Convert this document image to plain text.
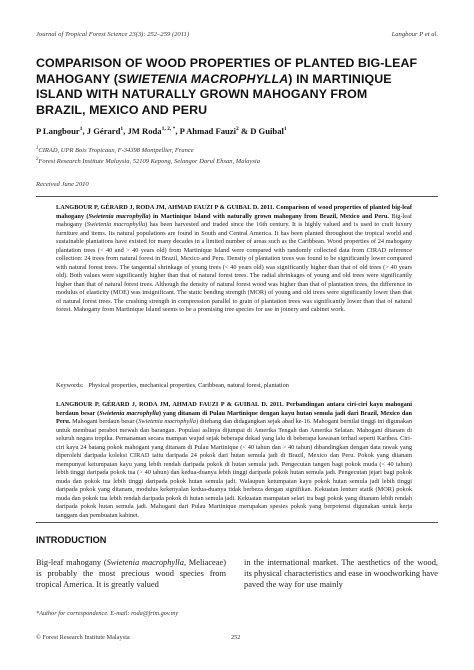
Journal of Tropical Forest Science 23(3): 252–259 (2011)	Langbour P et al.
COMPARISON OF WOOD PROPERTIES OF PLANTED BIG-LEAF
MAHOGANY (SWIETENIA MACROPHYLLA) IN MARTINIQUE
ISLAND WITH NATURALLY GROWN MAHOGANY FROM
BRAZIL, MEXICO AND PERU
P Langbour$^1$, J Gérard$^1$, JM Roda$^{1, 2, *}$, P Ahmad Fauzi$^2$ & D Guibal$^1$
$^1$CIRAD, UPR Bois Tropicaux, F-34398 Montpellier, France
$^2$Forest Research Institute Malaysia, 52109 Kepong, Selangor Darul Ehsan, Malaysia
Received June 2010
LANGBOUR P, GÉRARD J, RODA JM, AHMAD FAUZI P & GUIBAL D. 2011. Comparison of wood properties of planted big-leaf mahogany (Swietenia macrophylla) in Martinique Island with naturally grown mahogany from Brazil, Mexico and Peru. Big-leaf mahogany (Swietenia macrophylla) has been harvested and traded since the 16th century. It is highly valued and is used to craft luxury furniture and items. Its natural populations are found in South and Central America. It has been planted throughout the tropical world and sustainable plantations have existed for many decades in a limited number of areas such as the Caribbean. Wood properties of 24 mahogany plantation trees (< 40 and > 40 years old) from Martinique Island were compared with randomly collected data from CIRAD reference collection: 24 trees from natural forest in Brazil, Mexico and Peru. Density of plantation trees was found to be significantly lower compared with natural forest trees. The tangential shrinkage of young trees (< 40 years old) was significantly higher than that of old trees (> 40 years old). Both values were significantly higher than that of natural forest trees. The radial shrinkages of young and old trees were significantly higher than that of natural forest trees. Although the density of natural forest wood was higher than that of plantation trees, the difference in modulus of elasticity (MOE) was insignificant. The static bending strength (MOR) of young and old trees were significantly lower than that of natural forest trees. The crushing strength in compression parallel to grain of plantation trees was significantly lower than that of natural forest. Mahogany from Martinique Island seems to be a promising tree species for use in joinery and cabinet work.
Keywords: Physical properties, mechanical properties, Caribbean, natural forest, plantation
LANGBOUR P, GÉRARD J, RODA JM, AHMAD FAUZI P & GUIBAL D. 2011. Perbandingan antara ciri-ciri kayu mahogani berdaun besar (Swietenia macrophylla) yang ditanam di Pulau Martinique dengan kayu hutan semula jadi dari Brazil, Mexico dan Peru. Mahogani berdaun besar (Swietenia macrophylla) ditebang dan didagangkan sejak abad ke-16. Mahogani bernilai tinggi ini digunakan untuk membuat perabot mewah dan barangan. Populasi aslinya dijumpai di Amerika Tengah dan Amerika Selatan. Mahogani ditanam di seluruh negara tropika. Pemanaman secara mampan wujud sejak beberapa dekad yang lalu di beberapa kawasan terhad seperti Karibea. Ciri-ciri kayu 24 batang pokok mahogani yang ditanam di Pulau Martinique (< 40 tahun dan > 40 tahun) dibandingkan dengan data rawak yang diperolehi daripada koleksi CIRAD iaitu daripada 24 pokok dari hutan semula jadi di Brazil, Mexico dan Peru. Pokok yang ditanam mempunyai ketumpatan kayu yang lebih rendah daripada pokok di hutan semula jadi. Pengecutan tangen bagi pokok muda (< 40 tahun) lebih tinggi daripada pokok tua (> 40 tahun) dan kedua-duanya lebih tinggi daripada pokok hutan semula jadi. Pengecutan jejari bagi pokok muda dan pokok tua lebih tinggi daripada pokok hutan semula jadi. Walaupun ketumpatan kayu pokok hutan semula jadi lebih tinggi daripada pokok yang ditanam, modulus kekenyalan kedua-duanya tidak berbeza dengan signifikan. Kekuatan lenturr statik (MOR) pokok muda dan pokok tua lebih rendah daripada pokok di hutan semula jadi. Kekuatan mampatan selari ira bagi pokok yang ditanam lebih rendah daripada pokok hutan semula jadi. Mahogani dari Pulau Martinique merupakan spesies pokok yang berpotensi digunakan untuk kerja tanggam dan pembuatan kabinet.
INTRODUCTION
Big-leaf mahogany (Swietenia macrophylla, Meliaceae) is probably the most precious wood species from tropical America. It is greatly valued
in the international market. The aesthetics of the wood, its physical characteristics and ease in woodworking have paved the way for use mainly
*Author for correspondence. E-mail: roda@frim.gov.my
© Forest Research Institute Malaysia	252
